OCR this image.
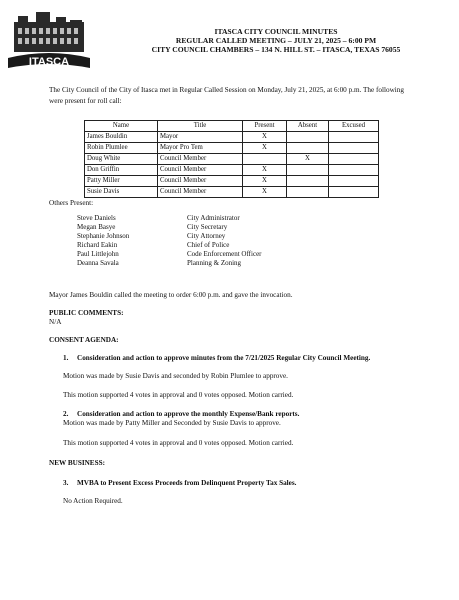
ITASCA
ITASCA CITY COUNCIL MINUTES
REGULAR CALLED MEETING – JULY 21, 2025 – 6:00 PM
CITY COUNCIL CHAMBERS – 134 N. HILL ST. – ITASCA, TEXAS 76055
The City Council of the City of Itasca met in Regular Called Session on Monday, July 21, 2025, at 6:00 p.m. The following were present for roll call:
Name	Title	Present	Absent	Excused
James Bouldin	Mayor	X		
Robin Plumlee	Mayor Pro Tem	X		
Doug White	Council Member		X	
Don Griffin	Council Member	X		
Patty Miller	Council Member	X		
Susie Davis	Council Member	X		
Others Present:
Steve Daniels	City Administrator
Megan Basye	City Secretary
Stephanie Johnson	City Attorney
Richard Eakin	Chief of Police
Paul Littlejohn	Code Enforcement Officer
Deanna Savala	Planning & Zoning
Mayor James Bouldin called the meeting to order 6:00 p.m. and gave the invocation.
PUBLIC COMMENTS:
N/A
CONSENT AGENDA:
1. Consideration and action to approve minutes from the 7/21/2025 Regular City Council Meeting.
Motion was made by Susie Davis and seconded by Robin Plumlee to approve.
This motion supported 4 votes in approval and 0 votes opposed. Motion carried.
2. Consideration and action to approve the monthly Expense/Bank reports.
Motion was made by Patty Miller and Seconded by Susie Davis to approve.
This motion supported 4 votes in approval and 0 votes opposed. Motion carried.
NEW BUSINESS:
3. MVBA to Present Excess Proceeds from Delinquent Property Tax Sales.
No Action Required.
